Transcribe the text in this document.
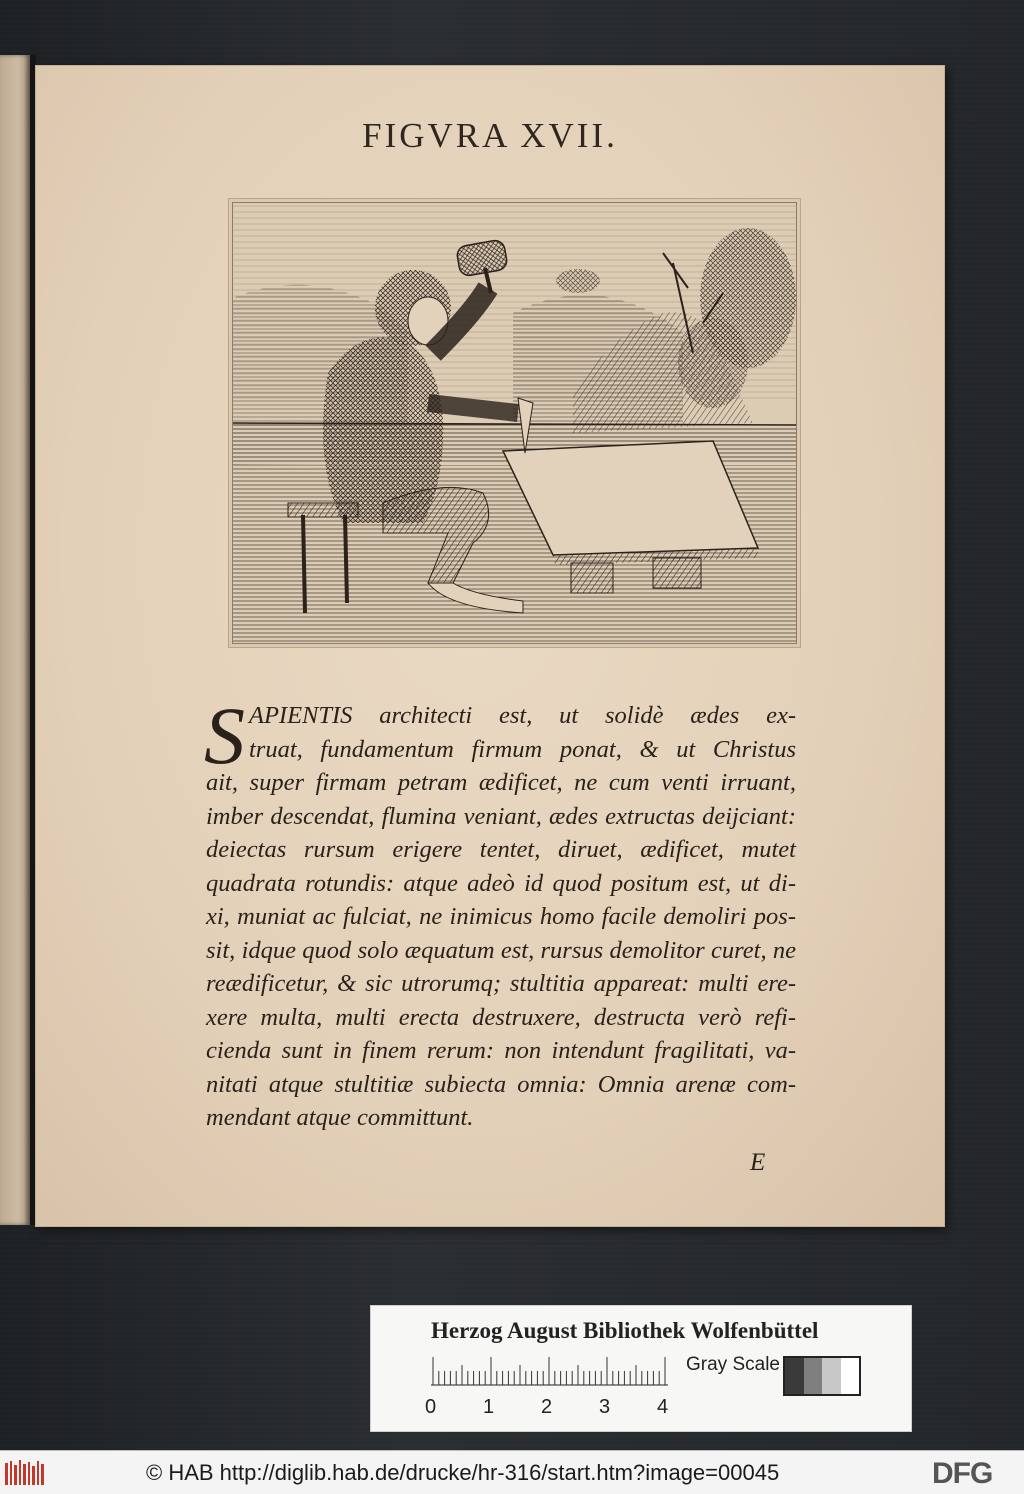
FIGVRA XVII.
S APIENTIS architecti est, ut solidè ædes ex-
truat, fundamentum firmum ponat, & ut Christus
ait, super firmam petram ædificet, ne cum venti irruant,
imber descendat, flumina veniant, ædes extructas deijciant:
deiectas rursum erigere tentet, diruet, ædificet, mutet
quadrata rotundis: atque adeò id quod positum est, ut di-
xi, muniat ac fulciat, ne inimicus homo facile demoliri pos-
sit, idque quod solo æquatum est, rursus demolitor curet, ne
reædificetur, & sic utrorumq; stultitia appareat: multi ere-
xere multa, multi erecta destruxere, destructa verò refi-
cienda sunt in finem rerum: non intendunt fragilitati, va-
nitati atque stultitiæ subiecta omnia: Omnia arenæ com-
mendant atque committunt.
E
Herzog August Bibliothek Wolfenbüttel
0 1 2 3 4
Gray Scale
© HAB http://diglib.hab.de/drucke/hr-316/start.htm?image=00045	DFG
